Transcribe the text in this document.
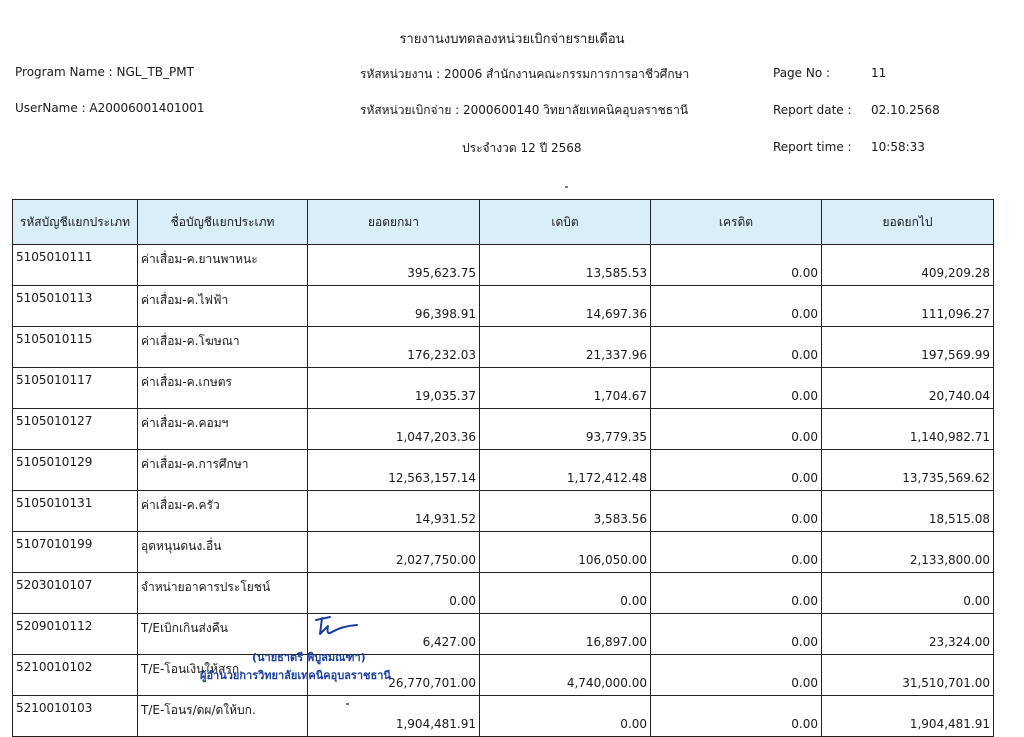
รายงานงบทดลองหน่วยเบิกจ่ายรายเดือน
Program Name : NGL_TB_PMT
UserName : A20006001401001
รหัสหน่วยงาน : 20006 สำนักงานคณะกรรมการการอาชีวศึกษา
รหัสหน่วยเบิกจ่าย : 2000600140 วิทยาลัยเทคนิคอุบลราชธานี
ประจำงวด 12 ปี 2568
Page No :	11
Report date : 02.10.2568
Report time : 10:58:33
รหัสบัญชีแยกประเภท	ชื่อบัญชีแยกประเภท	ยอดยกมา	เดบิต	เครดิต	ยอดยกไป
5105010111	ค่าเสื่อม-ค.ยานพาหนะ	395,623.75	13,585.53	0.00	409,209.28
5105010113	ค่าเสื่อม-ค.ไฟฟ้า	96,398.91	14,697.36	0.00	111,096.27
5105010115	ค่าเสื่อม-ค.โฆษณา	176,232.03	21,337.96	0.00	197,569.99
5105010117	ค่าเสื่อม-ค.เกษตร	19,035.37	1,704.67	0.00	20,740.04
5105010127	ค่าเสื่อม-ค.คอมฯ	1,047,203.36	93,779.35	0.00	1,140,982.71
5105010129	ค่าเสื่อม-ค.การศึกษา	12,563,157.14	1,172,412.48	0.00	13,735,569.62
5105010131	ค่าเสื่อม-ค.ครัว	14,931.52	3,583.56	0.00	18,515.08
5107010199	อุดหนุนดนง.อื่น	2,027,750.00	106,050.00	0.00	2,133,800.00
5203010107	จำหน่ายอาคารประโยชน์	0.00	0.00	0.00	0.00
5209010112	T/Eเบิกเกินส่งคืน	6,427.00	16,897.00	0.00	23,324.00
5210010102	T/E-โอนเงินให้สรก.	26,770,701.00	4,740,000.00	0.00	31,510,701.00
5210010103	T/E-โอนร/ดผ/ดให้บก.	1,904,481.91	0.00	0.00	1,904,481.91
(นายธาตรี พิบูลมณฑา)
ผู้อำนวยการวิทยาลัยเทคนิคอุบลราชธานี
